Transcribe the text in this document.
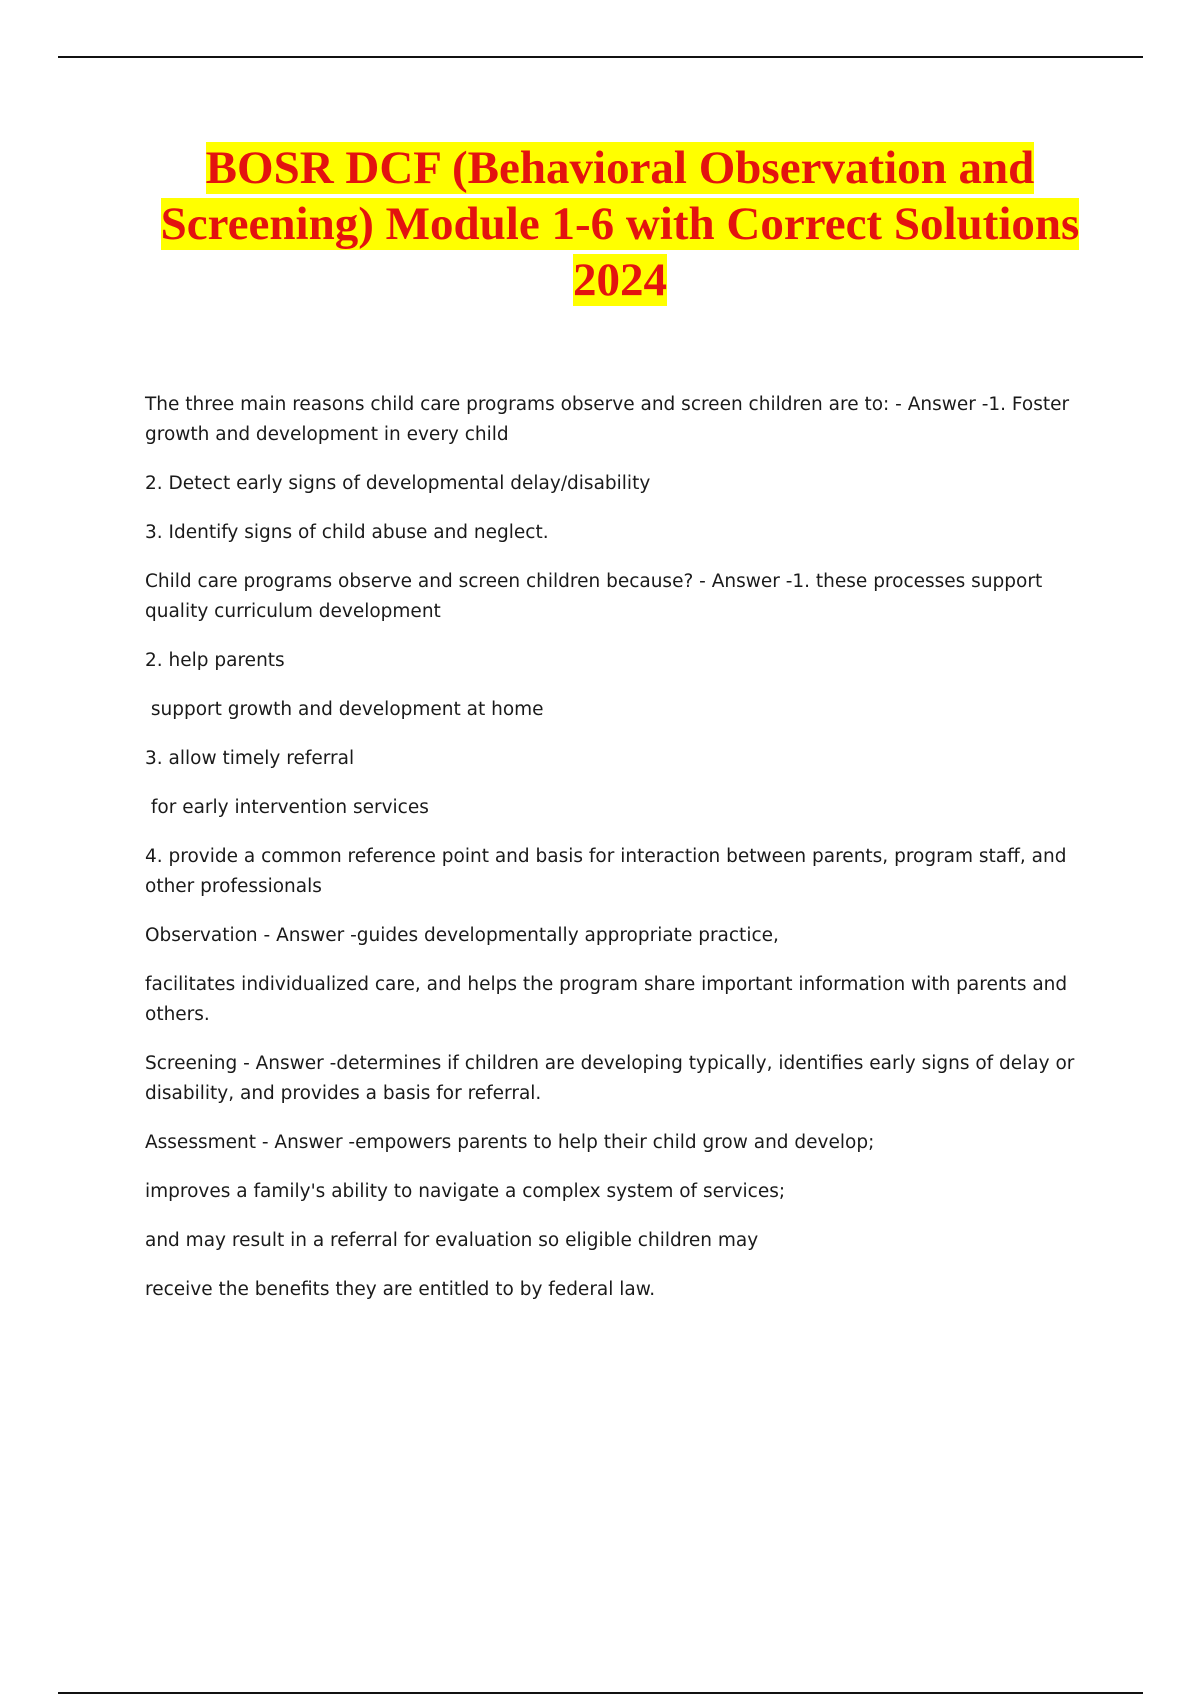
BOSR DCF (Behavioral Observation and Screening) Module 1-6 with Correct Solutions 2024

The three main reasons child care programs observe and screen children are to: - Answer -1. Foster growth and development in every child

2. Detect early signs of developmental delay/disability

3. Identify signs of child abuse and neglect.

Child care programs observe and screen children because? - Answer -1. these processes support quality curriculum development

2. help parents

support growth and development at home

3. allow timely referral

for early intervention services

4. provide a common reference point and basis for interaction between parents, program staff, and other professionals

Observation - Answer -guides developmentally appropriate practice,

facilitates individualized care, and helps the program share important information with parents and others.

Screening - Answer -determines if children are developing typically, identifies early signs of delay or disability, and provides a basis for referral.

Assessment - Answer -empowers parents to help their child grow and develop;

improves a family's ability to navigate a complex system of services;

and may result in a referral for evaluation so eligible children may

receive the benefits they are entitled to by federal law.
